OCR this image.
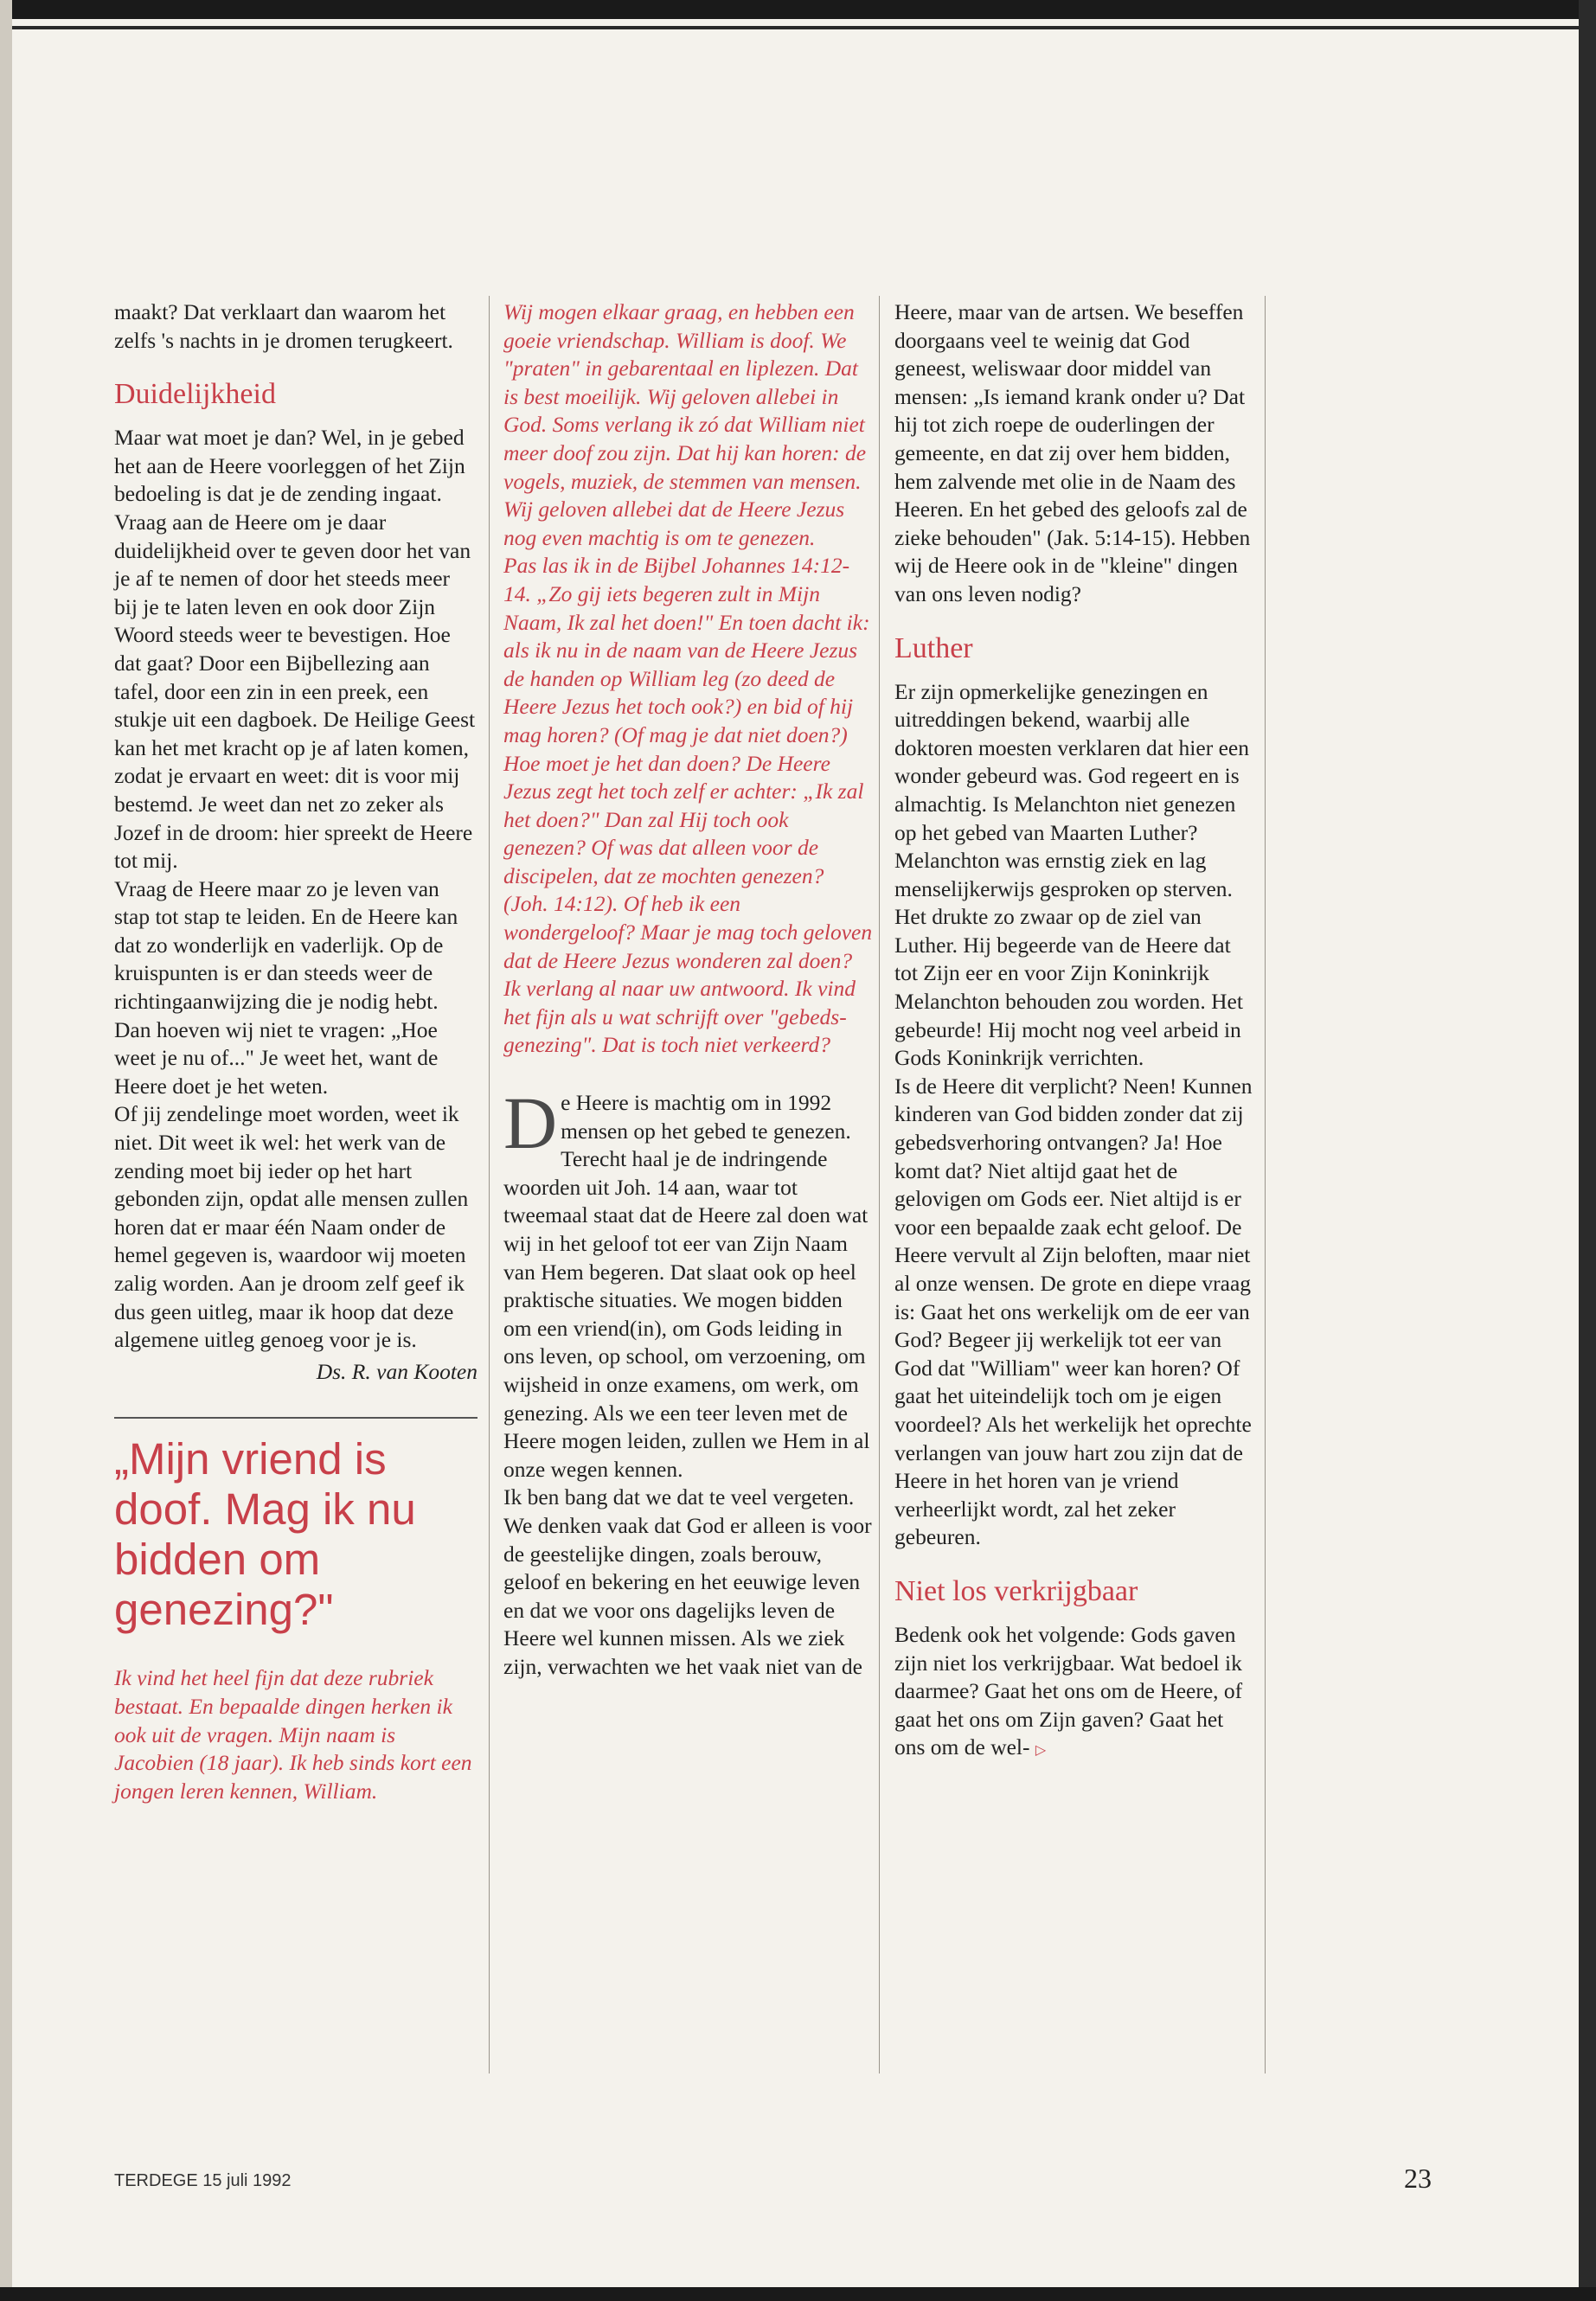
maakt? Dat verklaart dan waarom het zelfs 's nachts in je dromen terugkeert.

Duidelijkheid

Maar wat moet je dan? Wel, in je gebed het aan de Heere voorleggen of het Zijn bedoeling is dat je de zending ingaat. Vraag aan de Heere om je daar duidelijkheid over te geven door het van je af te nemen of door het steeds meer bij je te laten leven en ook door Zijn Woord steeds weer te bevestigen. Hoe dat gaat? Door een Bijbellezing aan tafel, door een zin in een preek, een stukje uit een dagboek. De Heilige Geest kan het met kracht op je af laten komen, zodat je ervaart en weet: dit is voor mij bestemd. Je weet dan net zo zeker als Jozef in de droom: hier spreekt de Heere tot mij.

Vraag de Heere maar zo je leven van stap tot stap te leiden. En de Heere kan dat zo wonderlijk en vaderlijk. Op de kruispunten is er dan steeds weer de richtingaanwijzing die je nodig hebt. Dan hoeven wij niet te vragen: „Hoe weet je nu of..." Je weet het, want de Heere doet je het weten.

Of jij zendelinge moet worden, weet ik niet. Dit weet ik wel: het werk van de zending moet bij ieder op het hart gebonden zijn, opdat alle mensen zullen horen dat er maar één Naam onder de hemel gegeven is, waardoor wij moeten zalig worden. Aan je droom zelf geef ik dus geen uitleg, maar ik hoop dat deze algemene uitleg genoeg voor je is.

Ds. R. van Kooten

„Mijn vriend is doof. Mag ik nu bidden om genezing?"

Ik vind het heel fijn dat deze rubriek bestaat. En bepaalde dingen herken ik ook uit de vragen. Mijn naam is Jacobien (18 jaar). Ik heb sinds kort een jongen leren kennen, William.

Wij mogen elkaar graag, en hebben een goeie vriendschap. William is doof. We "praten" in gebarentaal en liplezen. Dat is best moeilijk. Wij geloven allebei in God. Soms verlang ik zó dat William niet meer doof zou zijn. Dat hij kan horen: de vogels, muziek, de stemmen van mensen. Wij geloven allebei dat de Heere Jezus nog even machtig is om te genezen.

Pas las ik in de Bijbel Johannes 14:12-14. „Zo gij iets begeren zult in Mijn Naam, Ik zal het doen!" En toen dacht ik: als ik nu in de naam van de Heere Jezus de handen op William leg (zo deed de Heere Jezus het toch ook?) en bid of hij mag horen? (Of mag je dat niet doen?) Hoe moet je het dan doen? De Heere Jezus zegt het toch zelf er achter: „Ik zal het doen?" Dan zal Hij toch ook genezen? Of was dat alleen voor de discipelen, dat ze mochten genezen? (Joh. 14:12). Of heb ik een wondergeloof? Maar je mag toch geloven dat de Heere Jezus wonderen zal doen? Ik verlang al naar uw antwoord. Ik vind het fijn als u wat schrijft over "gebeds-genezing". Dat is toch niet verkeerd?

D e Heere is machtig om in 1992 mensen op het gebed te genezen. Terecht haal je de indringende woorden uit Joh. 14 aan, waar tot tweemaal staat dat de Heere zal doen wat wij in het geloof tot eer van Zijn Naam van Hem begeren. Dat slaat ook op heel praktische situaties. We mogen bidden om een vriend(in), om Gods leiding in ons leven, op school, om verzoening, om wijsheid in onze examens, om werk, om genezing. Als we een teer leven met de Heere mogen leiden, zullen we Hem in al onze wegen kennen.

Ik ben bang dat we dat te veel vergeten. We denken vaak dat God er alleen is voor de geestelijke dingen, zoals berouw, geloof en bekering en het eeuwige leven en dat we voor ons dagelijks leven de Heere wel kunnen missen. Als we ziek zijn, verwachten we het vaak niet van de

Heere, maar van de artsen. We beseffen doorgaans veel te weinig dat God geneest, weliswaar door middel van mensen: „Is iemand krank onder u? Dat hij tot zich roepe de ouderlingen der gemeente, en dat zij over hem bidden, hem zalvende met olie in de Naam des Heeren. En het gebed des geloofs zal de zieke behouden" (Jak. 5:14-15). Hebben wij de Heere ook in de "kleine" dingen van ons leven nodig?

Luther

Er zijn opmerkelijke genezingen en uitreddingen bekend, waarbij alle doktoren moesten verklaren dat hier een wonder gebeurd was. God regeert en is almachtig. Is Melanchton niet genezen op het gebed van Maarten Luther? Melanchton was ernstig ziek en lag menselijkerwijs gesproken op sterven. Het drukte zo zwaar op de ziel van Luther. Hij begeerde van de Heere dat tot Zijn eer en voor Zijn Koninkrijk Melanchton behouden zou worden. Het gebeurde! Hij mocht nog veel arbeid in Gods Koninkrijk verrichten.

Is de Heere dit verplicht? Neen! Kunnen kinderen van God bidden zonder dat zij gebedsverhoring ontvangen? Ja! Hoe komt dat? Niet altijd gaat het de gelovigen om Gods eer. Niet altijd is er voor een bepaalde zaak echt geloof. De Heere vervult al Zijn beloften, maar niet al onze wensen. De grote en diepe vraag is: Gaat het ons werkelijk om de eer van God? Begeer jij werkelijk tot eer van God dat "William" weer kan horen? Of gaat het uiteindelijk toch om je eigen voordeel? Als het werkelijk het oprechte verlangen van jouw hart zou zijn dat de Heere in het horen van je vriend verheerlijkt wordt, zal het zeker gebeuren.

Niet los verkrijgbaar

Bedenk ook het volgende: Gods gaven zijn niet los verkrijgbaar. Wat bedoel ik daarmee? Gaat het ons om de Heere, of gaat het ons om Zijn gaven? Gaat het ons om de wel- ▷

TERDEGE 15 juli 1992	23
